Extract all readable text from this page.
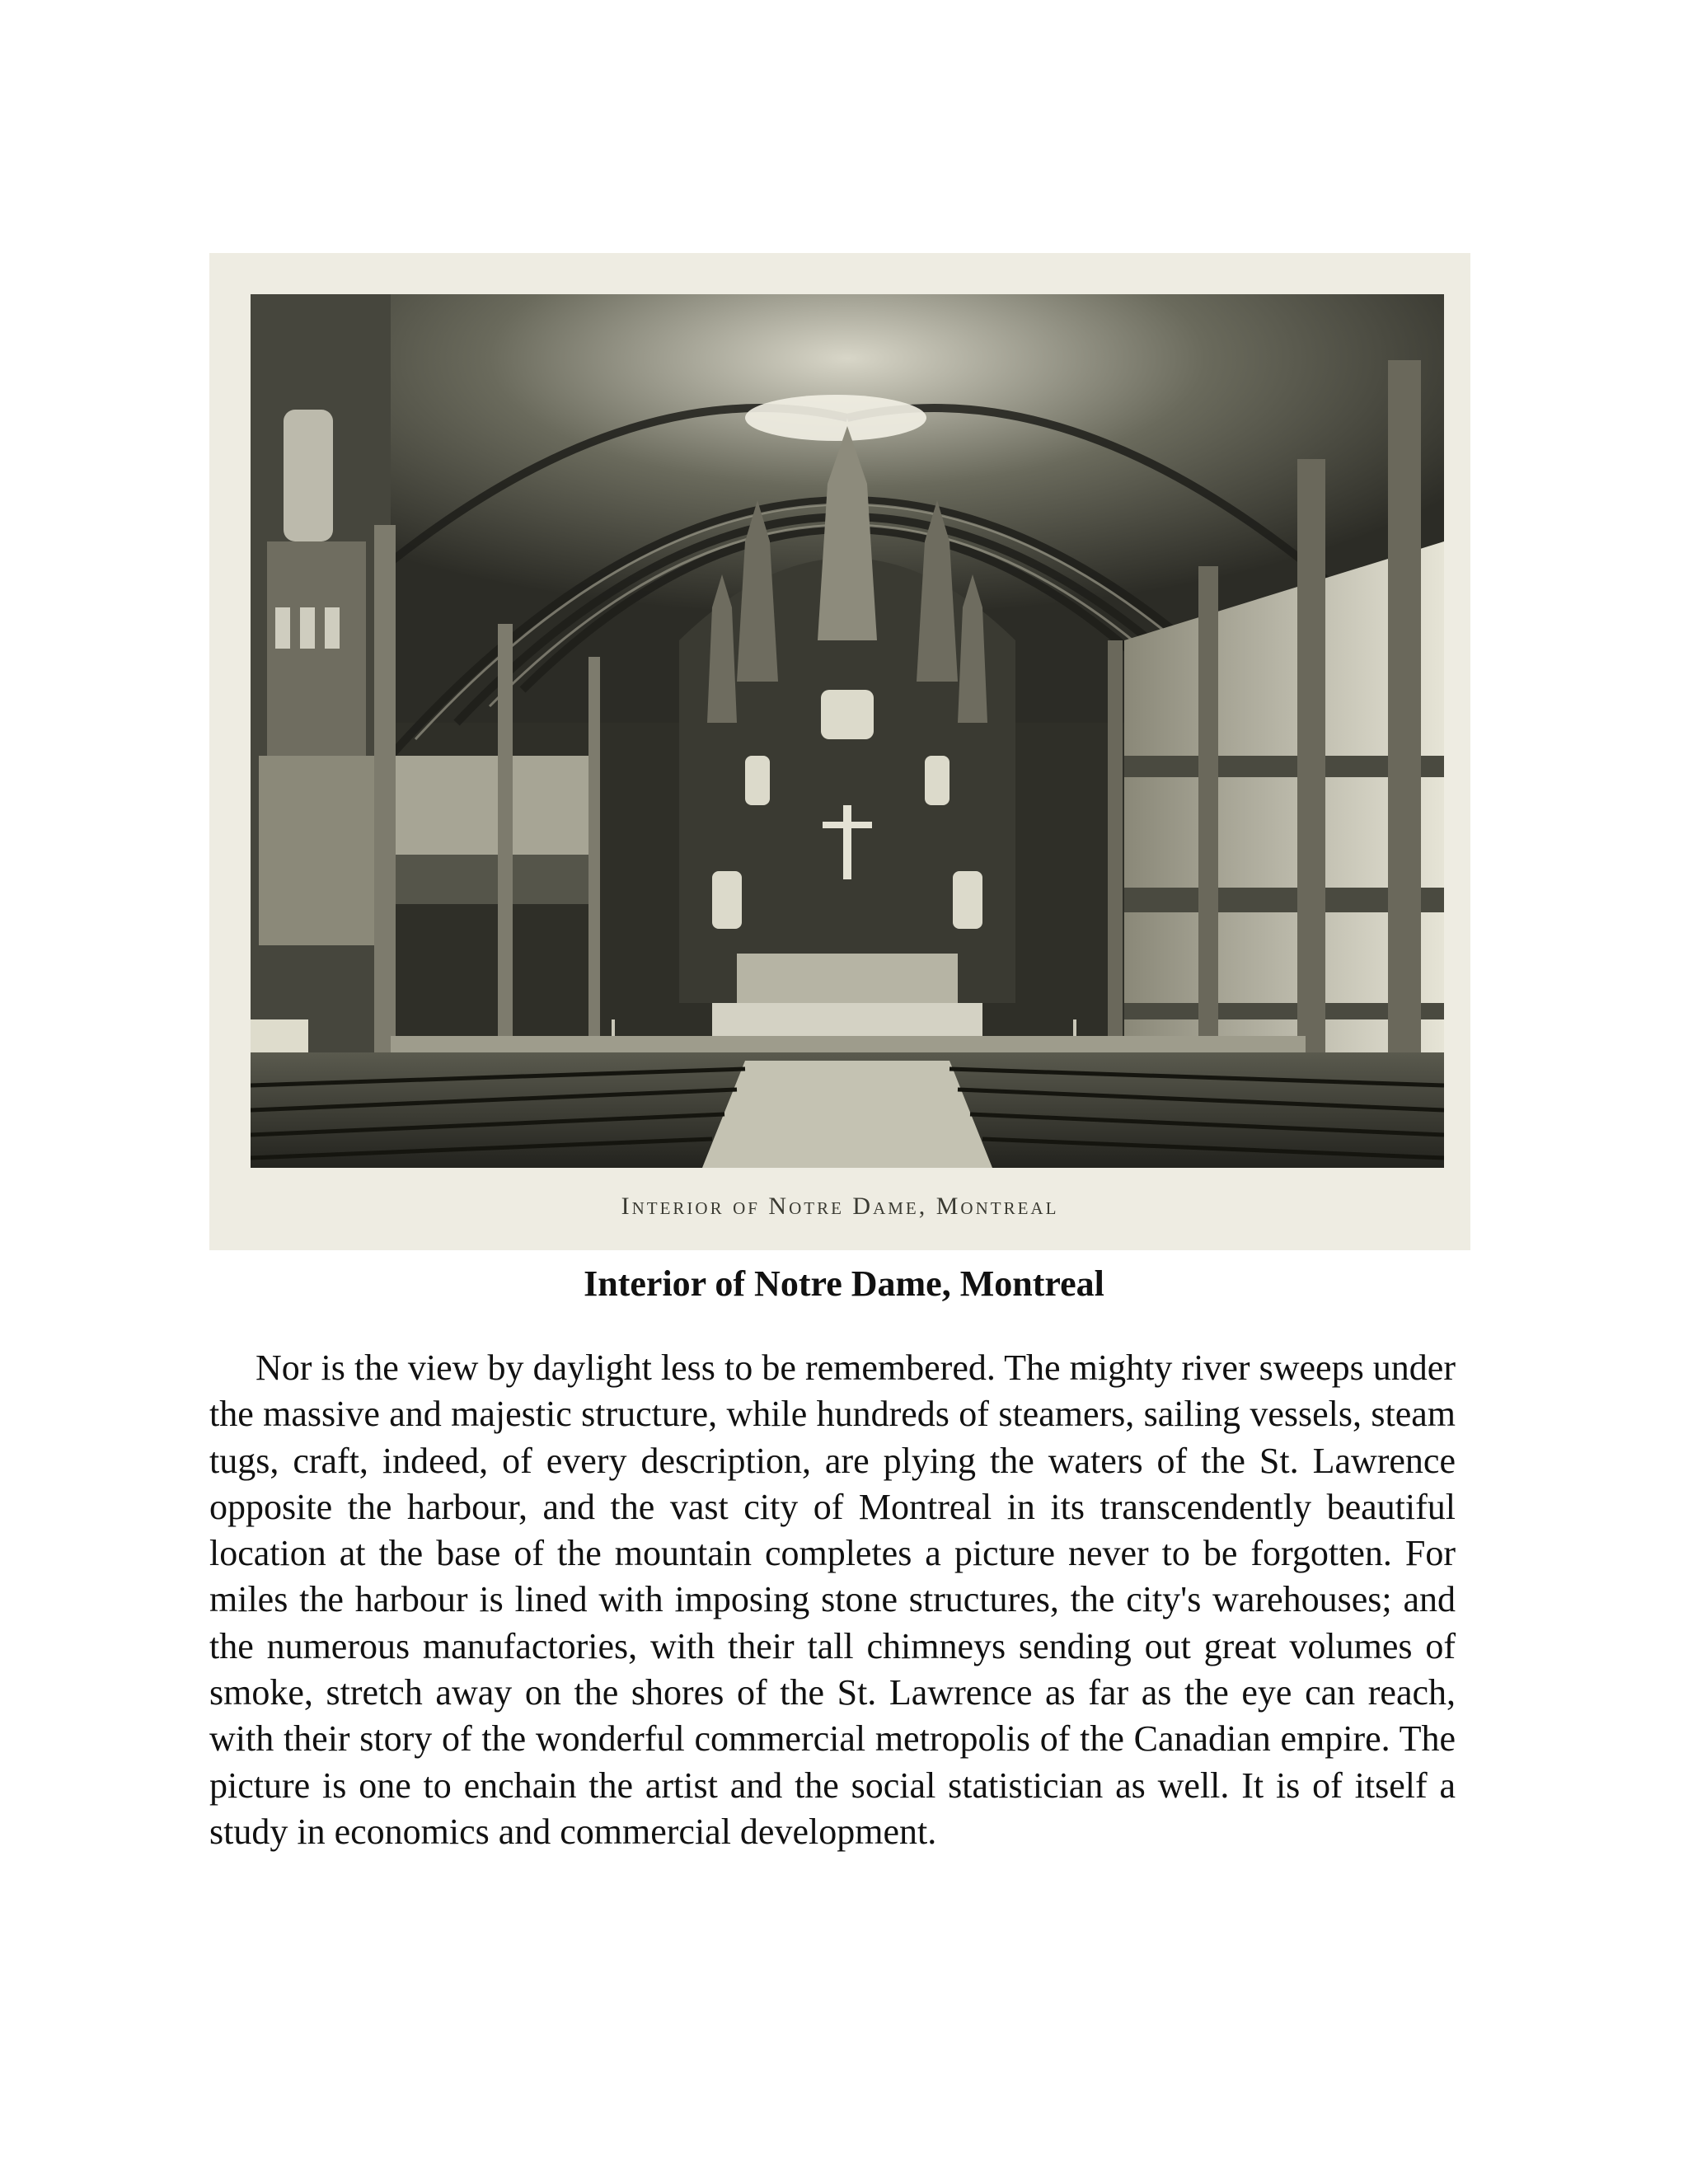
Interior of Notre Dame, Montreal
Interior of Notre Dame, Montreal

Nor is the view by daylight less to be remembered. The mighty river sweeps under the massive and majestic structure, while hundreds of steamers, sailing vessels, steam tugs, craft, indeed, of every description, are plying the waters of the St. Lawrence opposite the harbour, and the vast city of Montreal in its transcendently beautiful location at the base of the mountain completes a picture never to be forgotten. For miles the harbour is lined with imposing stone structures, the city's warehouses; and the numerous manufactories, with their tall chimneys sending out great volumes of smoke, stretch away on the shores of the St. Lawrence as far as the eye can reach, with their story of the wonderful commercial metropolis of the Canadian empire. The picture is one to enchain the artist and the social statistician as well. It is of itself a study in economics and commercial development.
